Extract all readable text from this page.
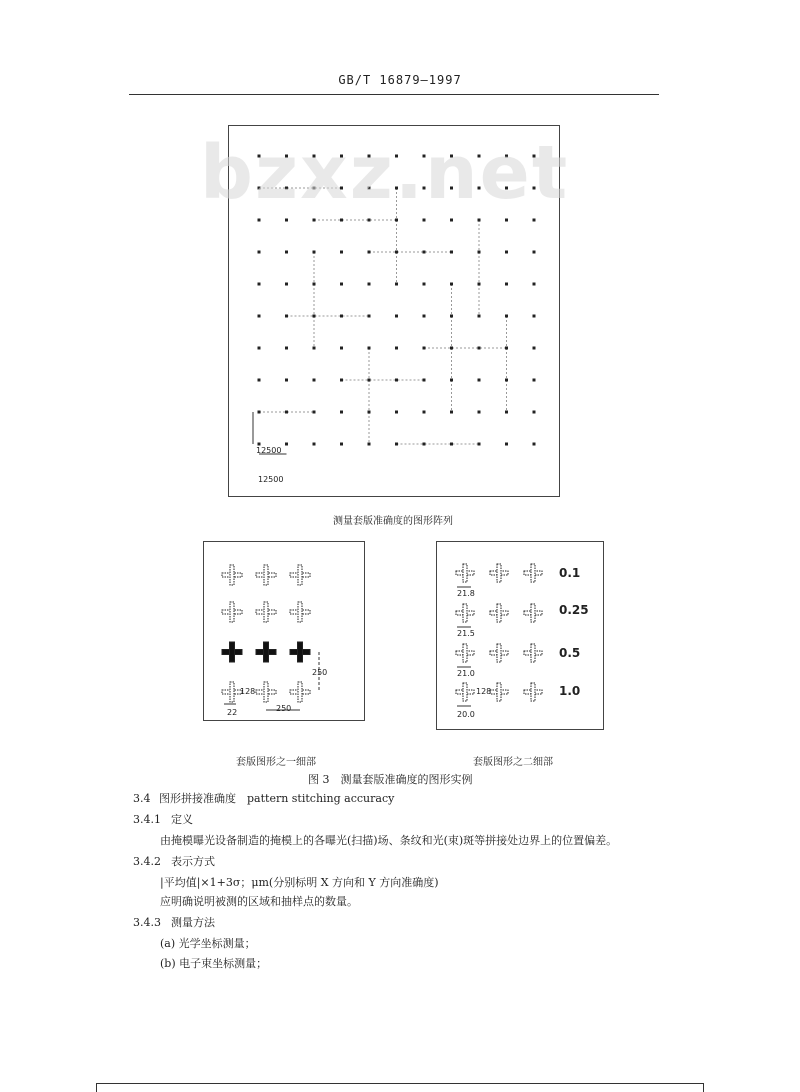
GB/T 16879—1997
bzxz.net
12500
12500
测量套版准确度的图形阵列
250
128
22	250
套版图形之一细部
0.1
0.25
0.5
1.0
21.8
21.5
21.0
20.0
128
套版图形之二细部
图 3　测量套版准确度的图形实例
3.4 图形拼接准确度　pattern stitching accuracy
3.4.1 定义
由掩模曝光设备制造的掩模上的各曝光(扫描)场、条纹和光(束)斑等拼接处边界上的位置偏差。
3.4.2 表示方式
|平均值|×1+3σ；μm(分别标明 X 方向和 Y 方向准确度)
应明确说明被测的区域和抽样点的数量。
3.4.3 测量方法
(a) 光学坐标测量；
(b) 电子束坐标测量；
